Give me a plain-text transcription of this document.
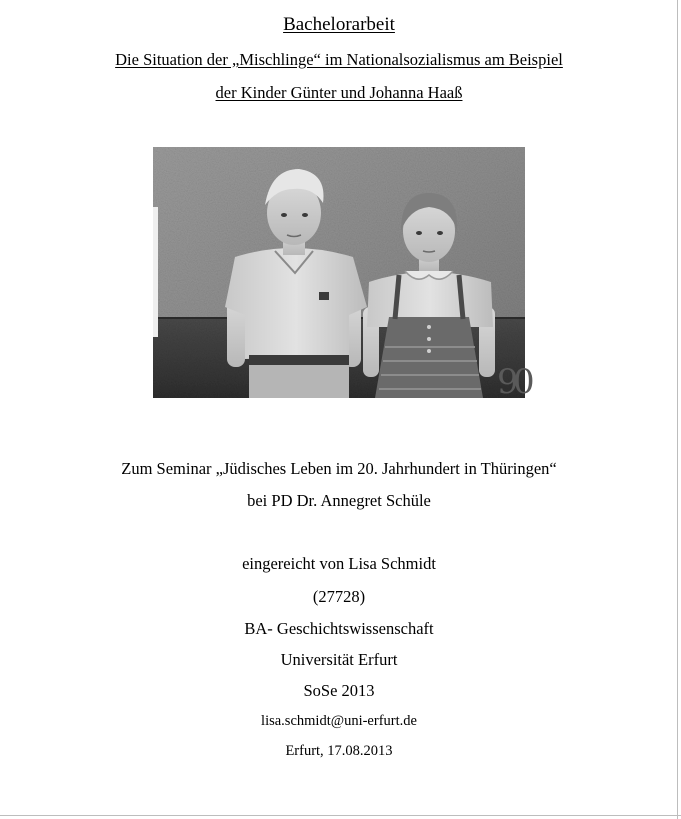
Bachelorarbeit
Die Situation der „Mischlinge“ im Nationalsozialismus am Beispiel
der Kinder Günter und Johanna Haaß
9
0
Zum Seminar „Jüdisches Leben im 20. Jahrhundert in Thüringen“
bei PD Dr. Annegret Schüle
eingereicht von Lisa Schmidt
(27728)
BA- Geschichtswissenschaft
Universität Erfurt
SoSe 2013
lisa.schmidt@uni-erfurt.de
Erfurt, 17.08.2013
